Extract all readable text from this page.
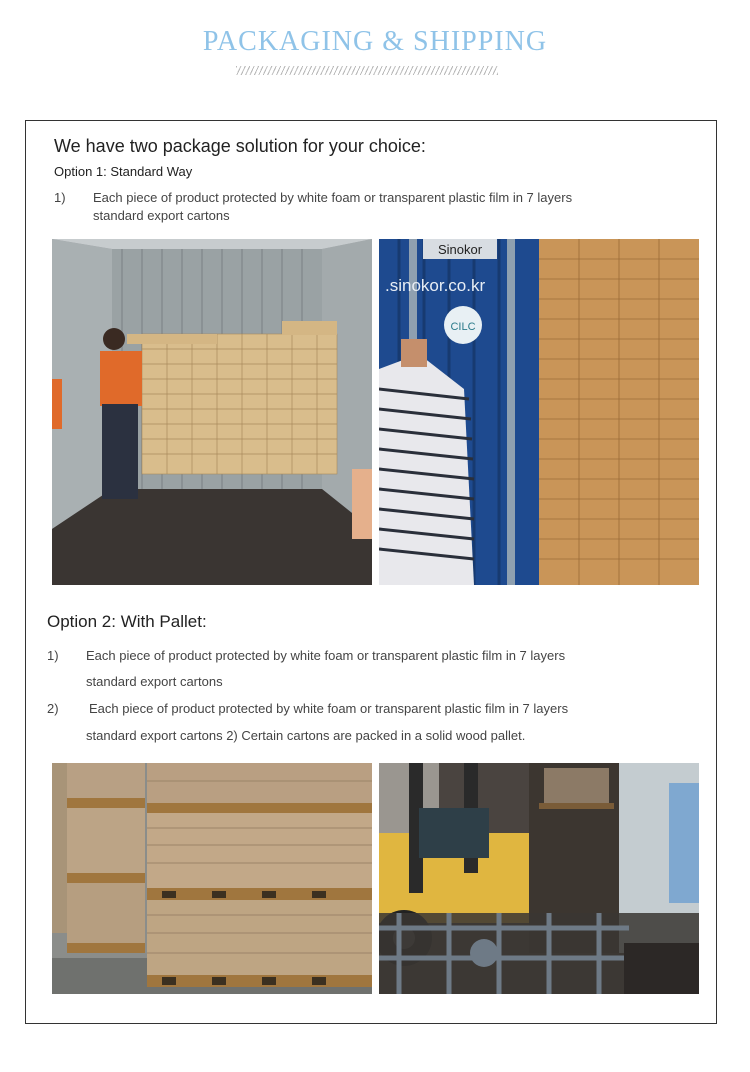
PACKAGING & SHIPPING
We have two package solution for your choice:
Option 1: Standard Way
1) Each piece of product protected by white foam or transparent plastic film in 7 layers
standard export cartons
Sinokor
.sinokor.co.kr
CILC
Option 2: With Pallet:
1) Each piece of product protected by white foam or transparent plastic film in 7 layers
standard export cartons
2) Each piece of product protected by white foam or transparent plastic film in 7 layers
standard export cartons 2) Certain cartons are packed in a solid wood pallet.
